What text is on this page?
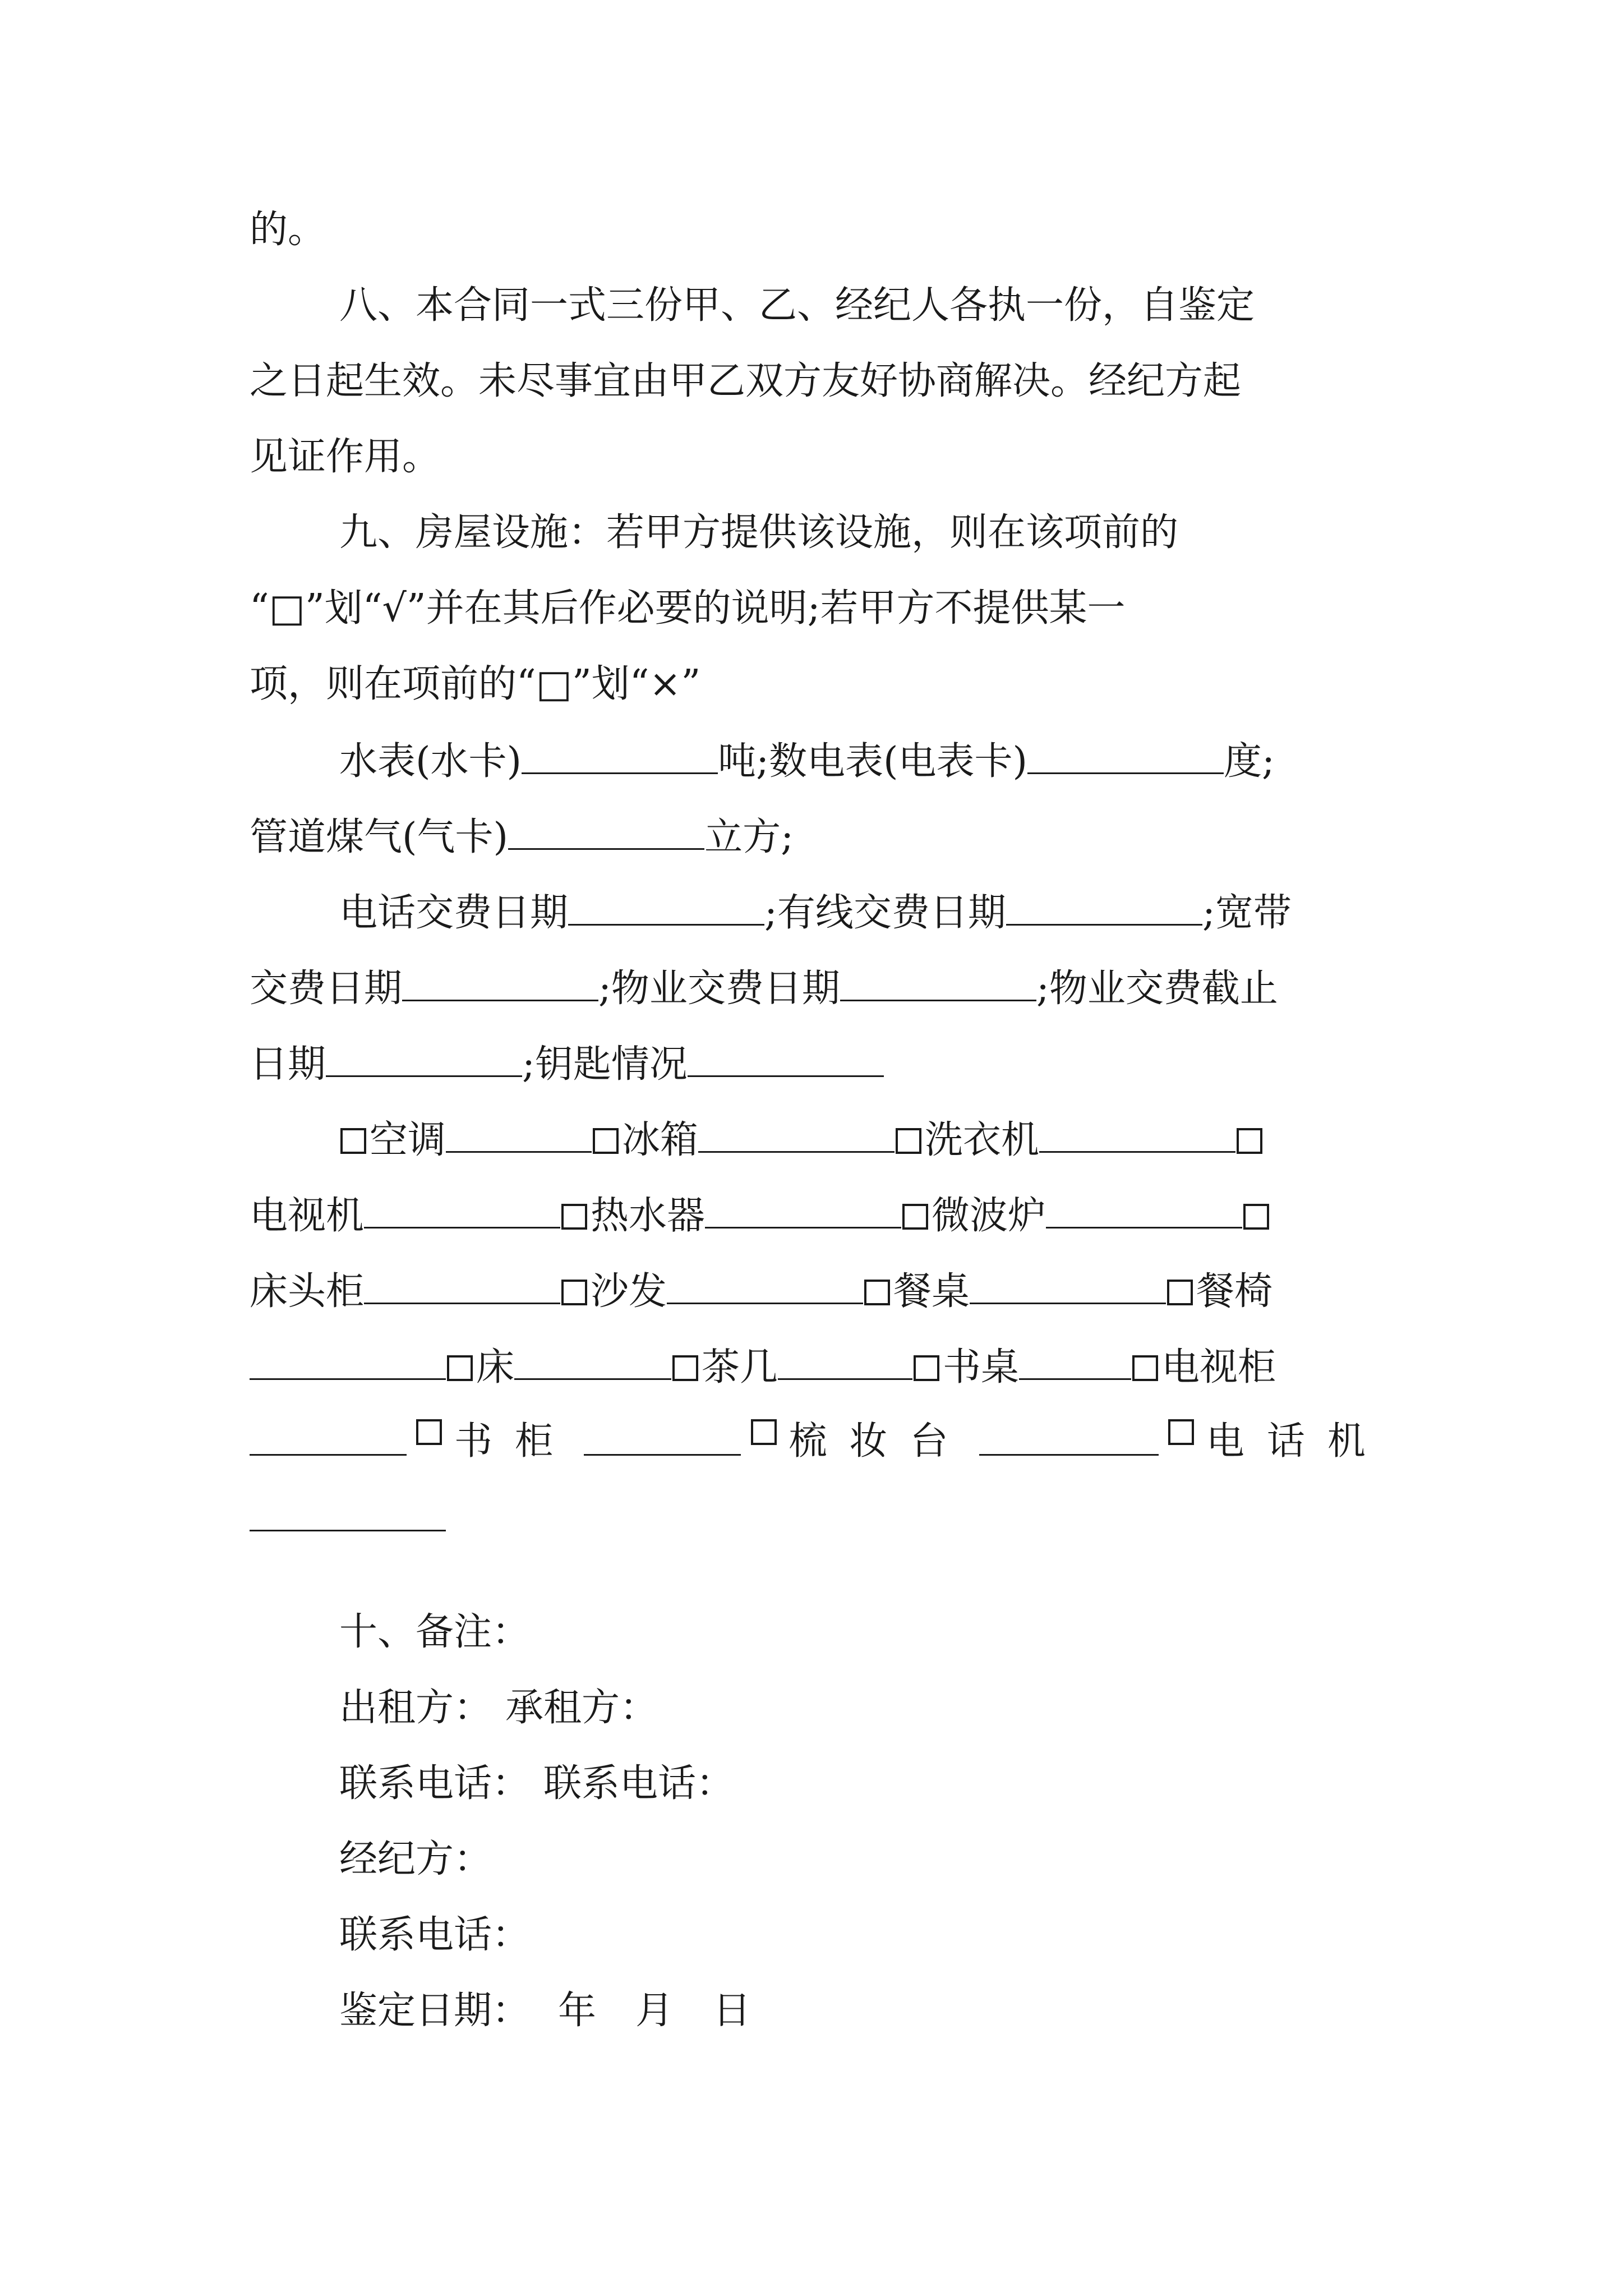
的。
八、本合同一式三份甲、乙、经纪人各执一份，自鉴定
之日起生效。未尽事宜由甲乙双方友好协商解决。经纪方起
见证作用。
九、房屋设施：若甲方提供该设施，则在该项前的
“□”划“√”并在其后作必要的说明;若甲方不提供某一
项，则在项前的“□”划“×”
水表(水卡)	吨;数电表(电表卡)	度;
管道煤气(气卡)	立方;
电话交费日期	;有线交费日期	;宽带
交费日期	;物业交费日期	;物业交费截止
日期	;钥匙情况
空调	冰箱	洗衣机
电视机	热水器	微波炉
床头柜	沙发	餐桌	餐椅
床	茶几	书桌	电视柜
书柜	梳妆台	电话机
十、备注：
出租方： 承租方：
联系电话： 联系电话：
经纪方：
联系电话：
鉴定日期： 年 月 日
